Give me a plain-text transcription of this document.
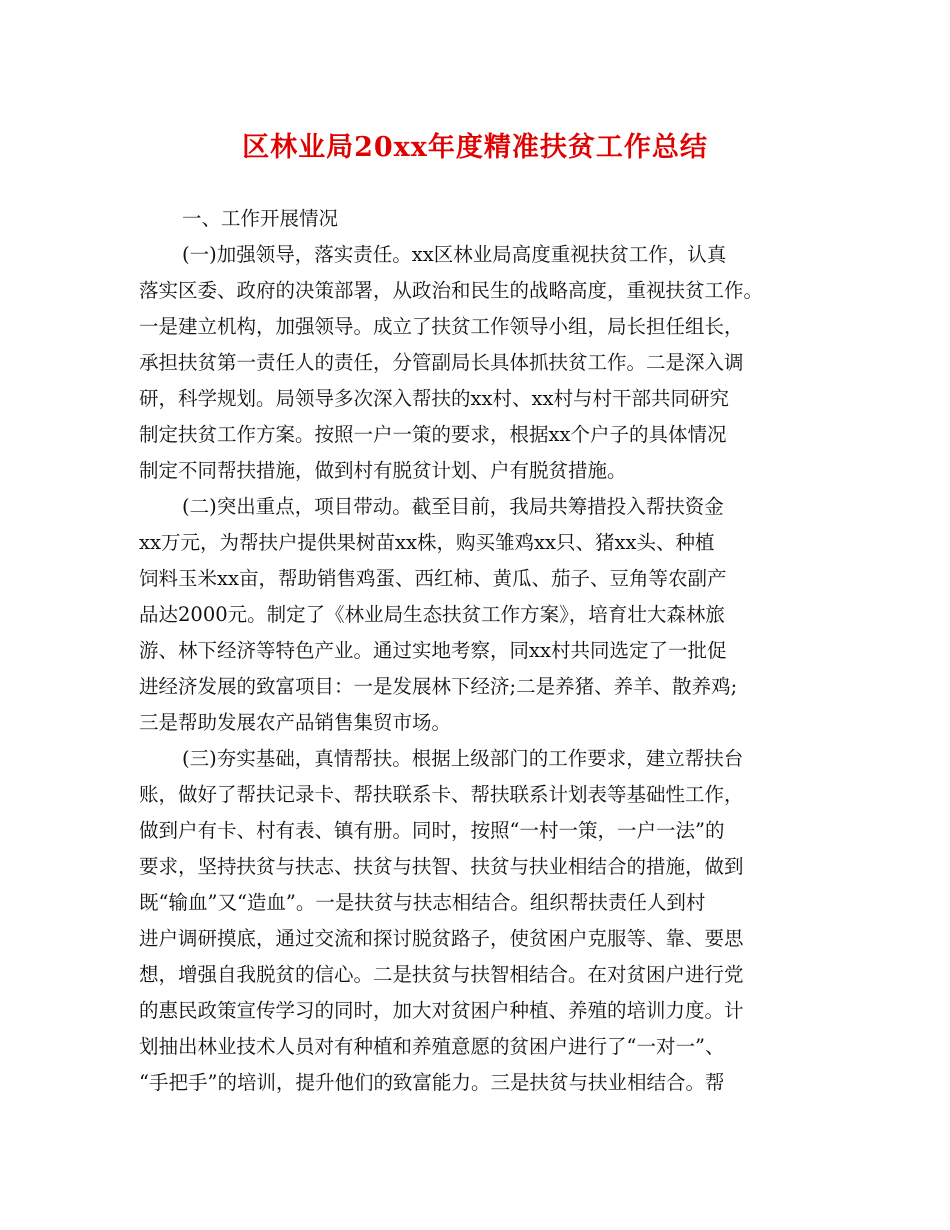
区林业局20xx年度精准扶贫工作总结

一、工作开展情况

(一)加强领导，落实责任。xx区林业局高度重视扶贫工作，认真

落实区委、政府的决策部署，从政治和民生的战略高度，重视扶贫工作。

一是建立机构，加强领导。成立了扶贫工作领导小组，局长担任组长，

承担扶贫第一责任人的责任，分管副局长具体抓扶贫工作。二是深入调

研，科学规划。局领导多次深入帮扶的xx村、xx村与村干部共同研究

制定扶贫工作方案。按照一户一策的要求，根据xx个户子的具体情况

制定不同帮扶措施，做到村有脱贫计划、户有脱贫措施。

(二)突出重点，项目带动。截至目前，我局共筹措投入帮扶资金

xx万元，为帮扶户提供果树苗xx株，购买雏鸡xx只、猪xx头、种植

饲料玉米xx亩，帮助销售鸡蛋、西红柿、黄瓜、茄子、豆角等农副产

品达2000元。制定了《林业局生态扶贫工作方案》，培育壮大森林旅

游、林下经济等特色产业。通过实地考察，同xx村共同选定了一批促

进经济发展的致富项目：一是发展林下经济;二是养猪、养羊、散养鸡;

三是帮助发展农产品销售集贸市场。

(三)夯实基础，真情帮扶。根据上级部门的工作要求，建立帮扶台

账，做好了帮扶记录卡、帮扶联系卡、帮扶联系计划表等基础性工作，

做到户有卡、村有表、镇有册。同时，按照“一村一策，一户一法”的

要求，坚持扶贫与扶志、扶贫与扶智、扶贫与扶业相结合的措施，做到

既“输血”又“造血”。一是扶贫与扶志相结合。组织帮扶责任人到村

进户调研摸底，通过交流和探讨脱贫路子，使贫困户克服等、靠、要思

想，增强自我脱贫的信心。二是扶贫与扶智相结合。在对贫困户进行党

的惠民政策宣传学习的同时，加大对贫困户种植、养殖的培训力度。计

划抽出林业技术人员对有种植和养殖意愿的贫困户进行了“一对一”、

“手把手”的培训，提升他们的致富能力。三是扶贫与扶业相结合。帮
